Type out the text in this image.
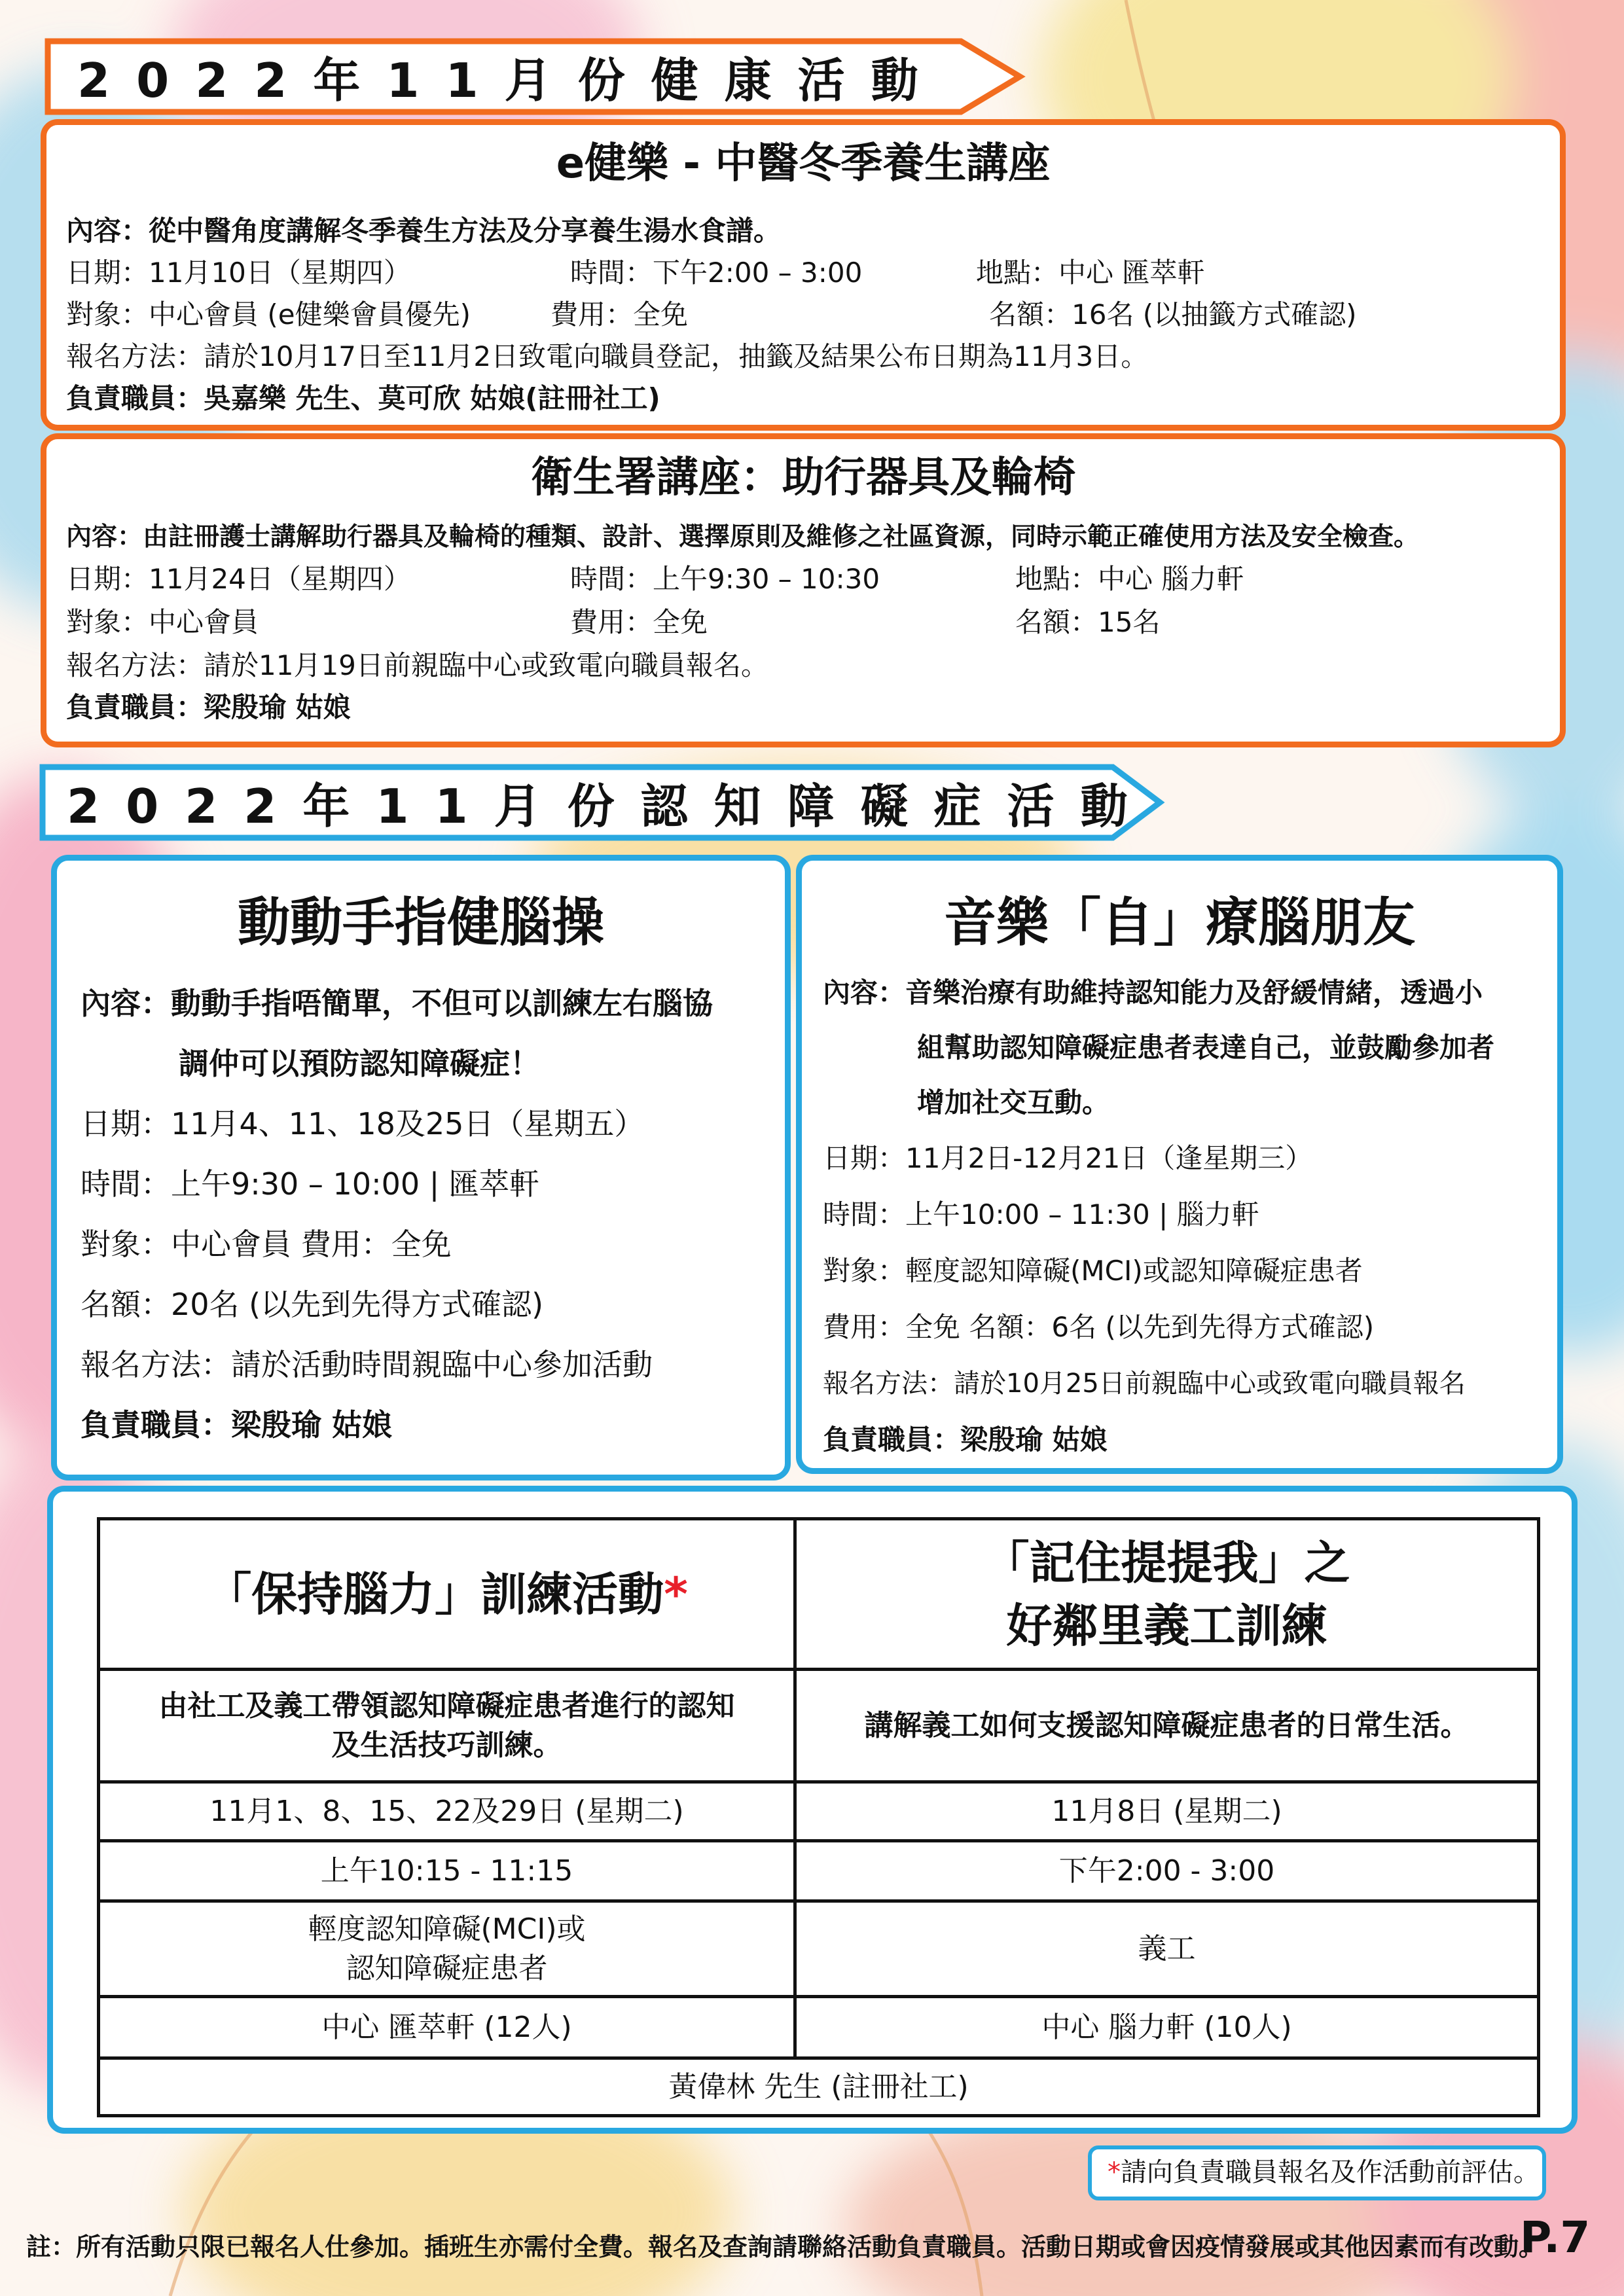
2022年11月份健康活動
e健樂 - 中醫冬季養生講座
內容：從中醫角度講解冬季養生方法及分享養生湯水食譜。
日期：11月10日（星期四）	時間：下午2:00 – 3:00	地點：中心 匯萃軒
對象：中心會員 (e健樂會員優先)	費用：全免	名額：16名 (以抽籤方式確認)
報名方法：請於10月17日至11月2日致電向職員登記，抽籤及結果公布日期為11月3日。
負責職員：吳嘉樂 先生、莫可欣 姑娘(註冊社工)
衛生署講座：助行器具及輪椅
內容：由註冊護士講解助行器具及輪椅的種類、設計、選擇原則及維修之社區資源，同時示範正確使用方法及安全檢查。
日期：11月24日（星期四）	時間：上午9:30 – 10:30	地點：中心 腦力軒
對象：中心會員	費用：全免	名額：15名
報名方法：請於11月19日前親臨中心或致電向職員報名。
負責職員：梁殷瑜 姑娘
2022年11月份認知障礙症活動
動動手指健腦操
內容：動動手指唔簡單，不但可以訓練左右腦協
調仲可以預防認知障礙症！
日期：11月4、11、18及25日（星期五）
時間：上午9:30 – 10:00 | 匯萃軒
對象：中心會員 費用：全免
名額：20名 (以先到先得方式確認)
報名方法：請於活動時間親臨中心參加活動
負責職員：梁殷瑜 姑娘
音樂「自」療腦朋友
內容：音樂治療有助維持認知能力及舒緩情緒，透過小
組幫助認知障礙症患者表達自己，並鼓勵參加者
增加社交互動。
日期：11月2日-12月21日（逢星期三）
時間：上午10:00 – 11:30 | 腦力軒
對象：輕度認知障礙(MCI)或認知障礙症患者
費用：全免 名額：6名 (以先到先得方式確認)
報名方法：請於10月25日前親臨中心或致電向職員報名
負責職員：梁殷瑜 姑娘
「保持腦力」訓練活動*	「記住提提我」之
好鄰里義工訓練

由社工及義工帶領認知障礙症患者進行的認知
及生活技巧訓練。	講解義工如何支援認知障礙症患者的日常生活。
11月1、8、15、22及29日 (星期二)	11月8日 (星期二)
上午10:15 - 11:15	下午2:00 - 3:00

輕度認知障礙(MCI)或
認知障礙症患者	義工
中心 匯萃軒 (12人)	中心 腦力軒 (10人)
黃偉林 先生 (註冊社工)	
*請向負責職員報名及作活動前評估。
註：所有活動只限已報名人仕參加。插班生亦需付全費。報名及查詢請聯絡活動負責職員。活動日期或會因疫情發展或其他因素而有改動。
P.7
